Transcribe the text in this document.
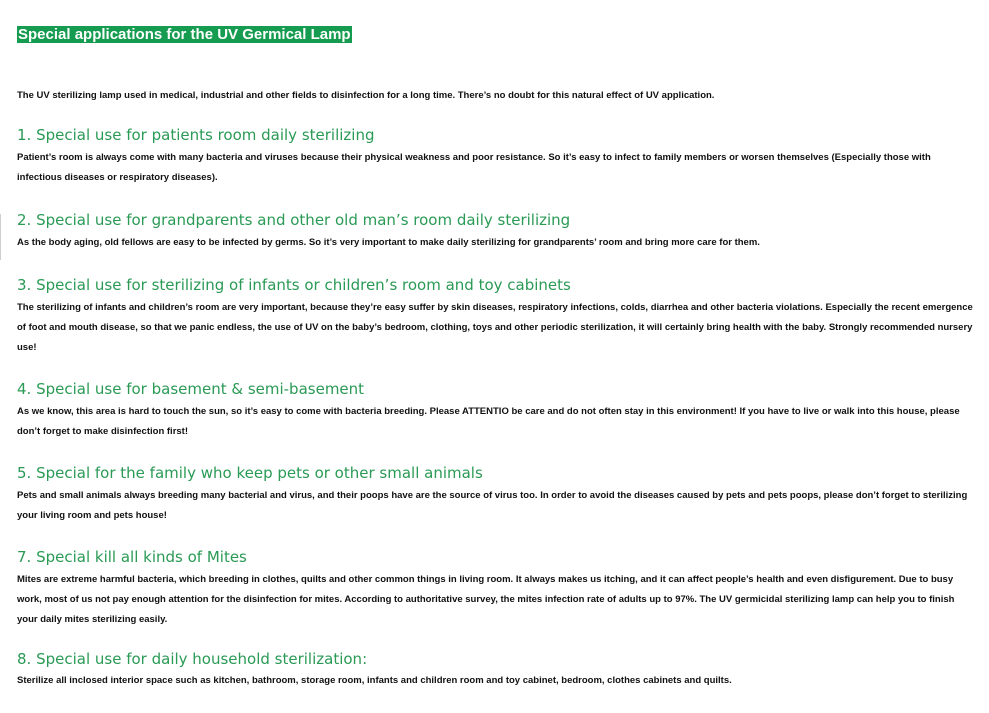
Special applications for the UV Germical Lamp

The UV sterilizing lamp used in medical, industrial and other fields to disinfection for a long time. There’s no doubt for this natural effect of UV application.

1. Special use for patients room daily sterilizing

Patient’s room is always come with many bacteria and viruses because their physical weakness and poor resistance. So it’s easy to infect to family members or worsen themselves (Especially those with infectious diseases or respiratory diseases).

2. Special use for grandparents and other old man’s room daily sterilizing

As the body aging, old fellows are easy to be infected by germs. So it’s very important to make daily sterilizing for grandparents’ room and bring more care for them.

3. Special use for sterilizing of infants or children’s room and toy cabinets

The sterilizing of infants and children’s room are very important, because they’re easy suffer by skin diseases, respiratory infections, colds, diarrhea and other bacteria violations. Especially the recent emergence of foot and mouth disease, so that we panic endless, the use of UV on the baby’s bedroom, clothing, toys and other periodic sterilization, it will certainly bring health with the baby. Strongly recommended nursery use!

4. Special use for basement & semi-basement

As we know, this area is hard to touch the sun, so it’s easy to come with bacteria breeding. Please ATTENTIO be care and do not often stay in this environment! If you have to live or walk into this house, please don’t forget to make disinfection first!

5. Special for the family who keep pets or other small animals

Pets and small animals always breeding many bacterial and virus, and their poops have are the source of virus too. In order to avoid the diseases caused by pets and pets poops, please don’t forget to sterilizing your living room and pets house!

7. Special kill all kinds of Mites

Mites are extreme harmful bacteria, which breeding in clothes, quilts and other common things in living room. It always makes us itching, and it can affect people’s health and even disfigurement. Due to busy work, most of us not pay enough attention for the disinfection for mites. According to authoritative survey, the mites infection rate of adults up to 97%. The UV germicidal sterilizing lamp can help you to finish your daily mites sterilizing easily.

8. Special use for daily household sterilization:

Sterilize all inclosed interior space such as kitchen, bathroom, storage room, infants and children room and toy cabinet, bedroom, clothes cabinets and quilts.
